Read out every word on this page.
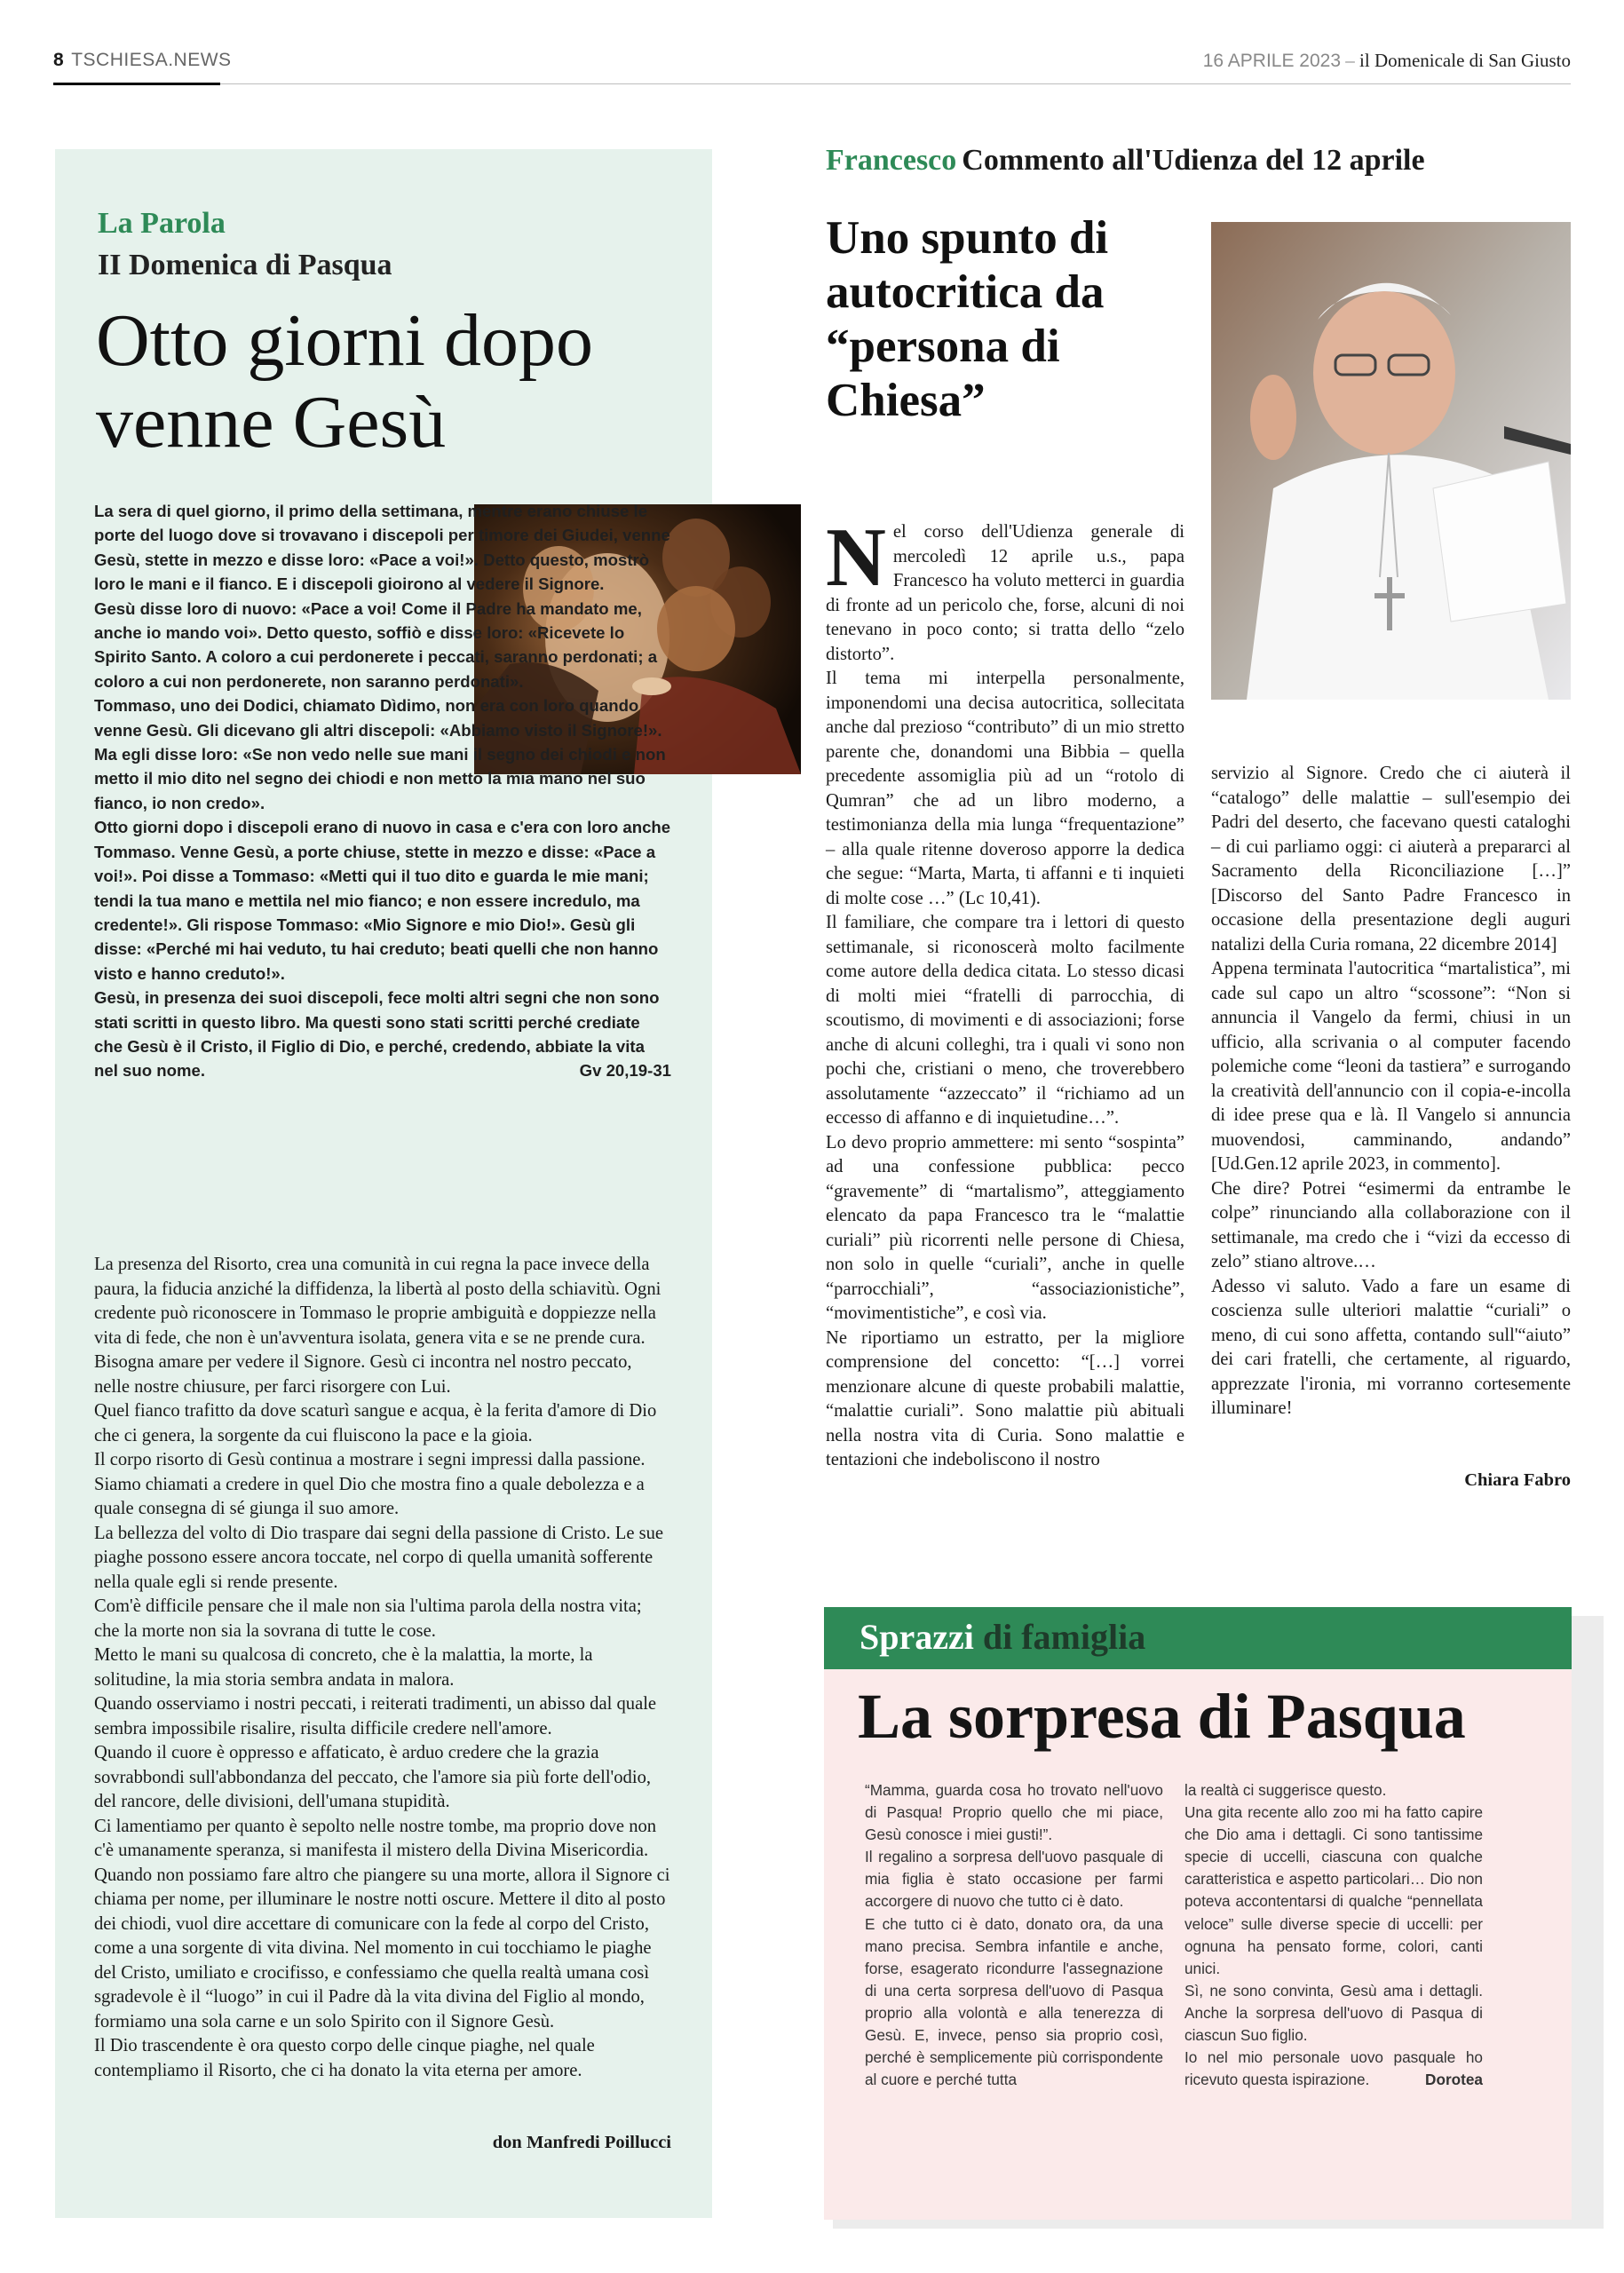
8 TSCHIESA.NEWS	16 APRILE 2023 – il Domenicale di San Giusto
La Parola
II Domenica di Pasqua
Otto giorni dopo venne Gesù
La sera di quel giorno, il primo della settimana, mentre erano chiuse le porte del luogo dove si trovavano i discepoli per timore dei Giudei, venne Gesù, stette in mezzo e disse loro: «Pace a voi!». Detto questo, mostrò loro le mani e il fianco. E i discepoli gioirono al vedere il Signore.
Gesù disse loro di nuovo: «Pace a voi! Come il Padre ha mandato me, anche io mando voi». Detto questo, soffiò e disse loro: «Ricevete lo Spirito Santo. A coloro a cui perdonerete i peccati, saranno perdonati; a coloro a cui non perdonerete, non saranno perdonati».
Tommaso, uno dei Dodici, chiamato Dìdimo, non era con loro quando venne Gesù. Gli dicevano gli altri discepoli: «Abbiamo visto il Signore!». Ma egli disse loro: «Se non vedo nelle sue mani il segno dei chiodi e non metto il mio dito nel segno dei chiodi e non metto la mia mano nel suo fianco, io non credo».
Otto giorni dopo i discepoli erano di nuovo in casa e c'era con loro anche Tommaso. Venne Gesù, a porte chiuse, stette in mezzo e disse: «Pace a voi!». Poi disse a Tommaso: «Metti qui il tuo dito e guarda le mie mani; tendi la tua mano e mettila nel mio fianco; e non essere incredulo, ma credente!». Gli rispose Tommaso: «Mio Signore e mio Dio!». Gesù gli disse: «Perché mi hai veduto, tu hai creduto; beati quelli che non hanno visto e hanno creduto!».
Gesù, in presenza dei suoi discepoli, fece molti altri segni che non sono stati scritti in questo libro. Ma questi sono stati scritti perché crediate che Gesù è il Cristo, il Figlio di Dio, e perché, credendo, abbiate la vita nel suo nome.	Gv 20,19-31
La presenza del Risorto, crea una comunità in cui regna la pace invece della paura, la fiducia anziché la diffidenza, la libertà al posto della schiavitù. Ogni credente può riconoscere in Tommaso le proprie ambiguità e doppiezze nella vita di fede, che non è un'avventura isolata, genera vita e se ne prende cura.
Bisogna amare per vedere il Signore. Gesù ci incontra nel nostro peccato, nelle nostre chiusure, per farci risorgere con Lui.
Quel fianco trafitto da dove scaturì sangue e acqua, è la ferita d'amore di Dio che ci genera, la sorgente da cui fluiscono la pace e la gioia.
Il corpo risorto di Gesù continua a mostrare i segni impressi dalla passione. Siamo chiamati a credere in quel Dio che mostra fino a quale debolezza e a quale consegna di sé giunga il suo amore.
La bellezza del volto di Dio traspare dai segni della passione di Cristo. Le sue piaghe possono essere ancora toccate, nel corpo di quella umanità sofferente nella quale egli si rende presente.
Com'è difficile pensare che il male non sia l'ultima parola della nostra vita; che la morte non sia la sovrana di tutte le cose.
Metto le mani su qualcosa di concreto, che è la malattia, la morte, la solitudine, la mia storia sembra andata in malora.
Quando osserviamo i nostri peccati, i reiterati tradimenti, un abisso dal quale sembra impossibile risalire, risulta difficile credere nell'amore.
Quando il cuore è oppresso e affaticato, è arduo credere che la grazia sovrabbondi sull'abbondanza del peccato, che l'amore sia più forte dell'odio, del rancore, delle divisioni, dell'umana stupidità.
Ci lamentiamo per quanto è sepolto nelle nostre tombe, ma proprio dove non c'è umanamente speranza, si manifesta il mistero della Divina Misericordia. Quando non possiamo fare altro che piangere su una morte, allora il Signore ci chiama per nome, per illuminare le nostre notti oscure. Mettere il dito al posto dei chiodi, vuol dire accettare di comunicare con la fede al corpo del Cristo, come a una sorgente di vita divina. Nel momento in cui tocchiamo le piaghe del Cristo, umiliato e crocifisso, e confessiamo che quella realtà umana così sgradevole è il “luogo” in cui il Padre dà la vita divina del Figlio al mondo, formiamo una sola carne e un solo Spirito con il Signore Gesù.
Il Dio trascendente è ora questo corpo delle cinque piaghe, nel quale contempliamo il Risorto, che ci ha donato la vita eterna per amore.
don Manfredi Poillucci
Francesco Commento all'Udienza del 12 aprile
Uno spunto di autocritica da “persona di Chiesa”
Nel corso dell'Udienza generale di mercoledì 12 aprile u.s., papa Francesco ha voluto metterci in guardia di fronte ad un pericolo che, forse, alcuni di noi tenevano in poco conto; si tratta dello “zelo distorto”.
Il tema mi interpella personalmente, imponendomi una decisa autocritica, sollecitata anche dal prezioso “contributo” di un mio stretto parente che, donandomi una Bibbia – quella precedente assomiglia più ad un “rotolo di Qumran” che ad un libro moderno, a testimonianza della mia lunga “frequentazione” – alla quale ritenne doveroso apporre la dedica che segue: “Marta, Marta, ti affanni e ti inquieti di molte cose …” (Lc 10,41).
Il familiare, che compare tra i lettori di questo settimanale, si riconoscerà molto facilmente come autore della dedica citata. Lo stesso dicasi di molti miei “fratelli di parrocchia, di scoutismo, di movimenti e di associazioni; forse anche di alcuni colleghi, tra i quali vi sono non pochi che, cristiani o meno, che troverebbero assolutamente “azzeccato” il “richiamo ad un eccesso di affanno e di inquietudine…”.
Lo devo proprio ammettere: mi sento “sospinta” ad una confessione pubblica: pecco “gravemente” di “martalismo”, atteggiamento elencato da papa Francesco tra le “malattie curiali” più ricorrenti nelle persone di Chiesa, non solo in quelle “curiali”, anche in quelle “parrocchiali”, “associazionistiche”, “movimentistiche”, e così via.
Ne riportiamo un estratto, per la migliore comprensione del concetto: “[…] vorrei menzionare alcune di queste probabili malattie, “malattie curiali”. Sono malattie più abituali nella nostra vita di Curia. Sono malattie e tentazioni che indeboliscono il nostro
servizio al Signore. Credo che ci aiuterà il “catalogo” delle malattie – sull'esempio dei Padri del deserto, che facevano questi cataloghi – di cui parliamo oggi: ci aiuterà a prepararci al Sacramento della Riconciliazione […]” [Discorso del Santo Padre Francesco in occasione della presentazione degli auguri natalizi della Curia romana, 22 dicembre 2014]
Appena terminata l'autocritica “martalistica”, mi cade sul capo un altro “scossone”: “Non si annuncia il Vangelo da fermi, chiusi in un ufficio, alla scrivania o al computer facendo polemiche come “leoni da tastiera” e surrogando la creatività dell'annuncio con il copia-e-incolla di idee prese qua e là. Il Vangelo si annuncia muovendosi, camminando, andando” [Ud.Gen.12 aprile 2023, in commento].
Che dire? Potrei “esimermi da entrambe le colpe” rinunciando alla collaborazione con il settimanale, ma credo che i “vizi da eccesso di zelo” stiano altrove.…
Adesso vi saluto. Vado a fare un esame di coscienza sulle ulteriori malattie “curiali” o meno, di cui sono affetta, contando sull'“aiuto” dei cari fratelli, che certamente, al riguardo, apprezzate l'ironia, mi vorranno cortesemente illuminare!
Chiara Fabro
Sprazzi di famiglia
La sorpresa di Pasqua
“Mamma, guarda cosa ho trovato nell'uovo di Pasqua! Proprio quello che mi piace, Gesù conosce i miei gusti!”.
Il regalino a sorpresa dell'uovo pasquale di mia figlia è stato occasione per farmi accorgere di nuovo che tutto ci è dato.
E che tutto ci è dato, donato ora, da una mano precisa. Sembra infantile e anche, forse, esagerato ricondurre l'assegnazione di una certa sorpresa dell'uovo di Pasqua proprio alla volontà e alla tenerezza di Gesù. E, invece, penso sia proprio così, perché è semplicemente più corrispondente al cuore e perché tutta
la realtà ci suggerisce questo.
Una gita recente allo zoo mi ha fatto capire che Dio ama i dettagli. Ci sono tantissime specie di uccelli, ciascuna con qualche caratteristica e aspetto particolari… Dio non poteva accontentarsi di qualche “pennellata veloce” sulle diverse specie di uccelli: per ognuna ha pensato forme, colori, canti unici.
Sì, ne sono convinta, Gesù ama i dettagli. Anche la sorpresa dell'uovo di Pasqua di ciascun Suo figlio.
Io nel mio personale uovo pasquale ho ricevuto questa ispirazione.	Dorotea
